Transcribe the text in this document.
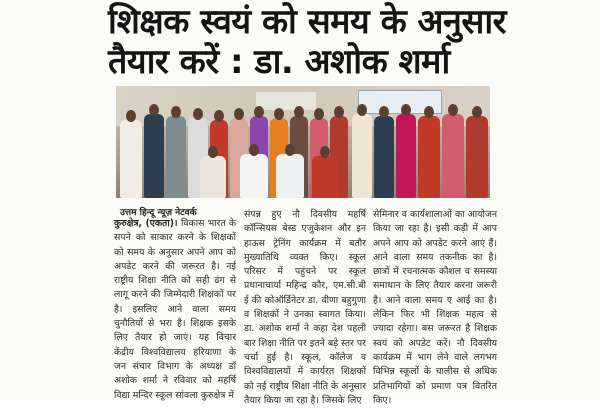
शिक्षक स्वयं को समय के अनुसार
तैयार करें : डा. अशोक शर्मा
उत्तम हिन्दू न्यूज़ नेटवर्क
कुरुक्षेत्र, (एकता)। विकास भारत के सपने को साकार करने के शिक्षकों को समय के अनुसार अपने आप को अपडेट करने की जरूरत है। नई राष्ट्रीय शिक्षा नीति को सही ढंग से लागू करने की जिम्मेदारी शिक्षकों पर है। इसलिए आने वाला समय चुनौतियों से भरा है। शिक्षक इसके लिए तैयार हो जाएं। यह विचार केंद्रीय विश्वविद्यालय हरियाणा के जन संचार विभाग के अध्यक्ष डॉ अशोक शर्मा ने रविवार को महर्षि विद्या मन्दिर स्कूल सांवला कुरुक्षेत्र में
संपन्न हुए नौ दिवसीय महर्षि कॉन्सियस बेस्ड एजुकेशन और इन हाऊस ट्रेनिंग कार्यक्रम में बतौर मुख्यातिथि व्यक्त किए। स्कूल परिसर में पहुंचने पर स्कूल प्रधानाचार्या महिन्द्र कौर, एम.सी.बी ई की कोऑर्डिनेटर डा. वीणा बहुगुणा व शिक्षकों ने उनका स्वागत किया। डा. अशोक शर्मा ने कहा देश पहली बार शिक्षा नीति पर इतने बड़े स्तर पर चर्चा हुई है। स्कूल, कॉलेज व विश्वविद्यालयों में कार्यरत शिक्षकों को नई राष्ट्रीय शिक्षा नीति के अनुसार तैयार किया जा रहा है। जिसके लिए
सेमिनार व कार्यशालाओं का आयोजन किया जा रहा है। इसी कड़ी में आप अपने आप को अपडेट करने आएं हैं। आने वाला समय तकनीक का है। छात्रों में रचनात्मक कौशल व समस्या समाधान के लिए तैयार करना जरूरी है। आने वाला समय ए आई का है। लेकिन फिर भी शिक्षक महत्व से ज्यादा रहेगा। बस जरूरत है शिक्षक स्वयं को अपडेट करें। नौ दिवसीय कार्यक्रम में भाग लेने वाले लगभग विभिन्न स्कूलों के चालीस से अधिक प्रतिभागियों को प्रमाण पत्र वितरित किए।
